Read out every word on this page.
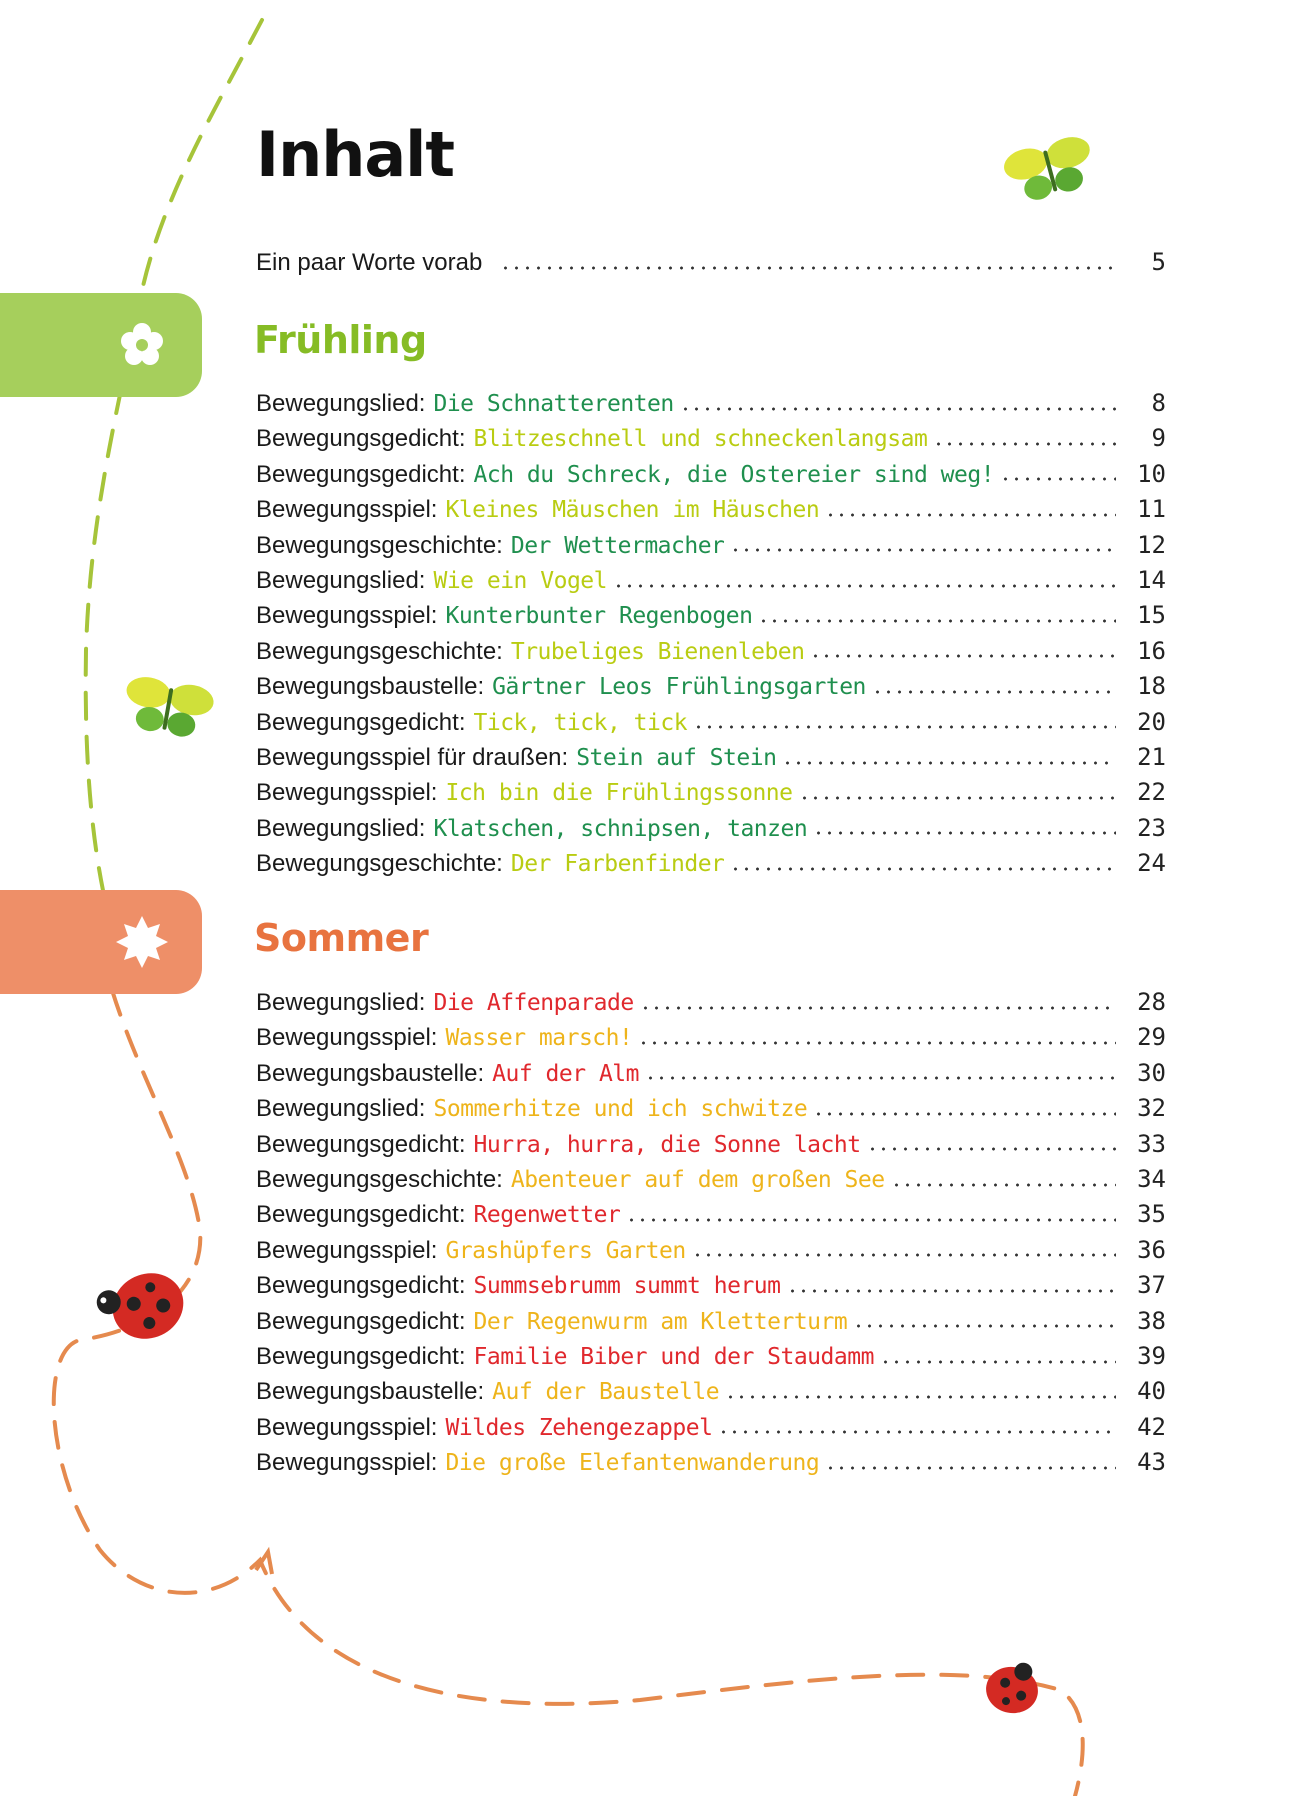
Inhalt
Ein paar Worte vorab	5
Frühling
Bewegungslied : Die Schnatterenten	8
Bewegungsgedicht : Blitzeschnell und schneckenlangsam	9
Bewegungsgedicht : Ach du Schreck, die Ostereier sind weg!	10
Bewegungsspiel : Kleines Mäuschen im Häuschen	11
Bewegungsgeschichte : Der Wettermacher	12
Bewegungslied : Wie ein Vogel	14
Bewegungsspiel : Kunterbunter Regenbogen	15
Bewegungsgeschichte : Trubeliges Bienenleben	16
Bewegungsbaustelle : Gärtner Leos Frühlingsgarten	18
Bewegungsgedicht : Tick, tick, tick	20
Bewegungsspiel für draußen : Stein auf Stein	21
Bewegungsspiel : Ich bin die Frühlingssonne	22
Bewegungslied : Klatschen, schnipsen, tanzen	23
Bewegungsgeschichte : Der Farbenfinder	24
Sommer
Bewegungslied : Die Affenparade	28
Bewegungsspiel : Wasser marsch!	29
Bewegungsbaustelle : Auf der Alm	30
Bewegungslied : Sommerhitze und ich schwitze	32
Bewegungsgedicht : Hurra, hurra, die Sonne lacht	33
Bewegungsgeschichte : Abenteuer auf dem großen See	34
Bewegungsgedicht : Regenwetter	35
Bewegungsspiel : Grashüpfers Garten	36
Bewegungsgedicht : Summsebrumm summt herum	37
Bewegungsgedicht : Der Regenwurm am Kletterturm	38
Bewegungsgedicht : Familie Biber und der Staudamm	39
Bewegungsbaustelle : Auf der Baustelle	40
Bewegungsspiel : Wildes Zehengezappel	42
Bewegungsspiel : Die große Elefantenwanderung	43
